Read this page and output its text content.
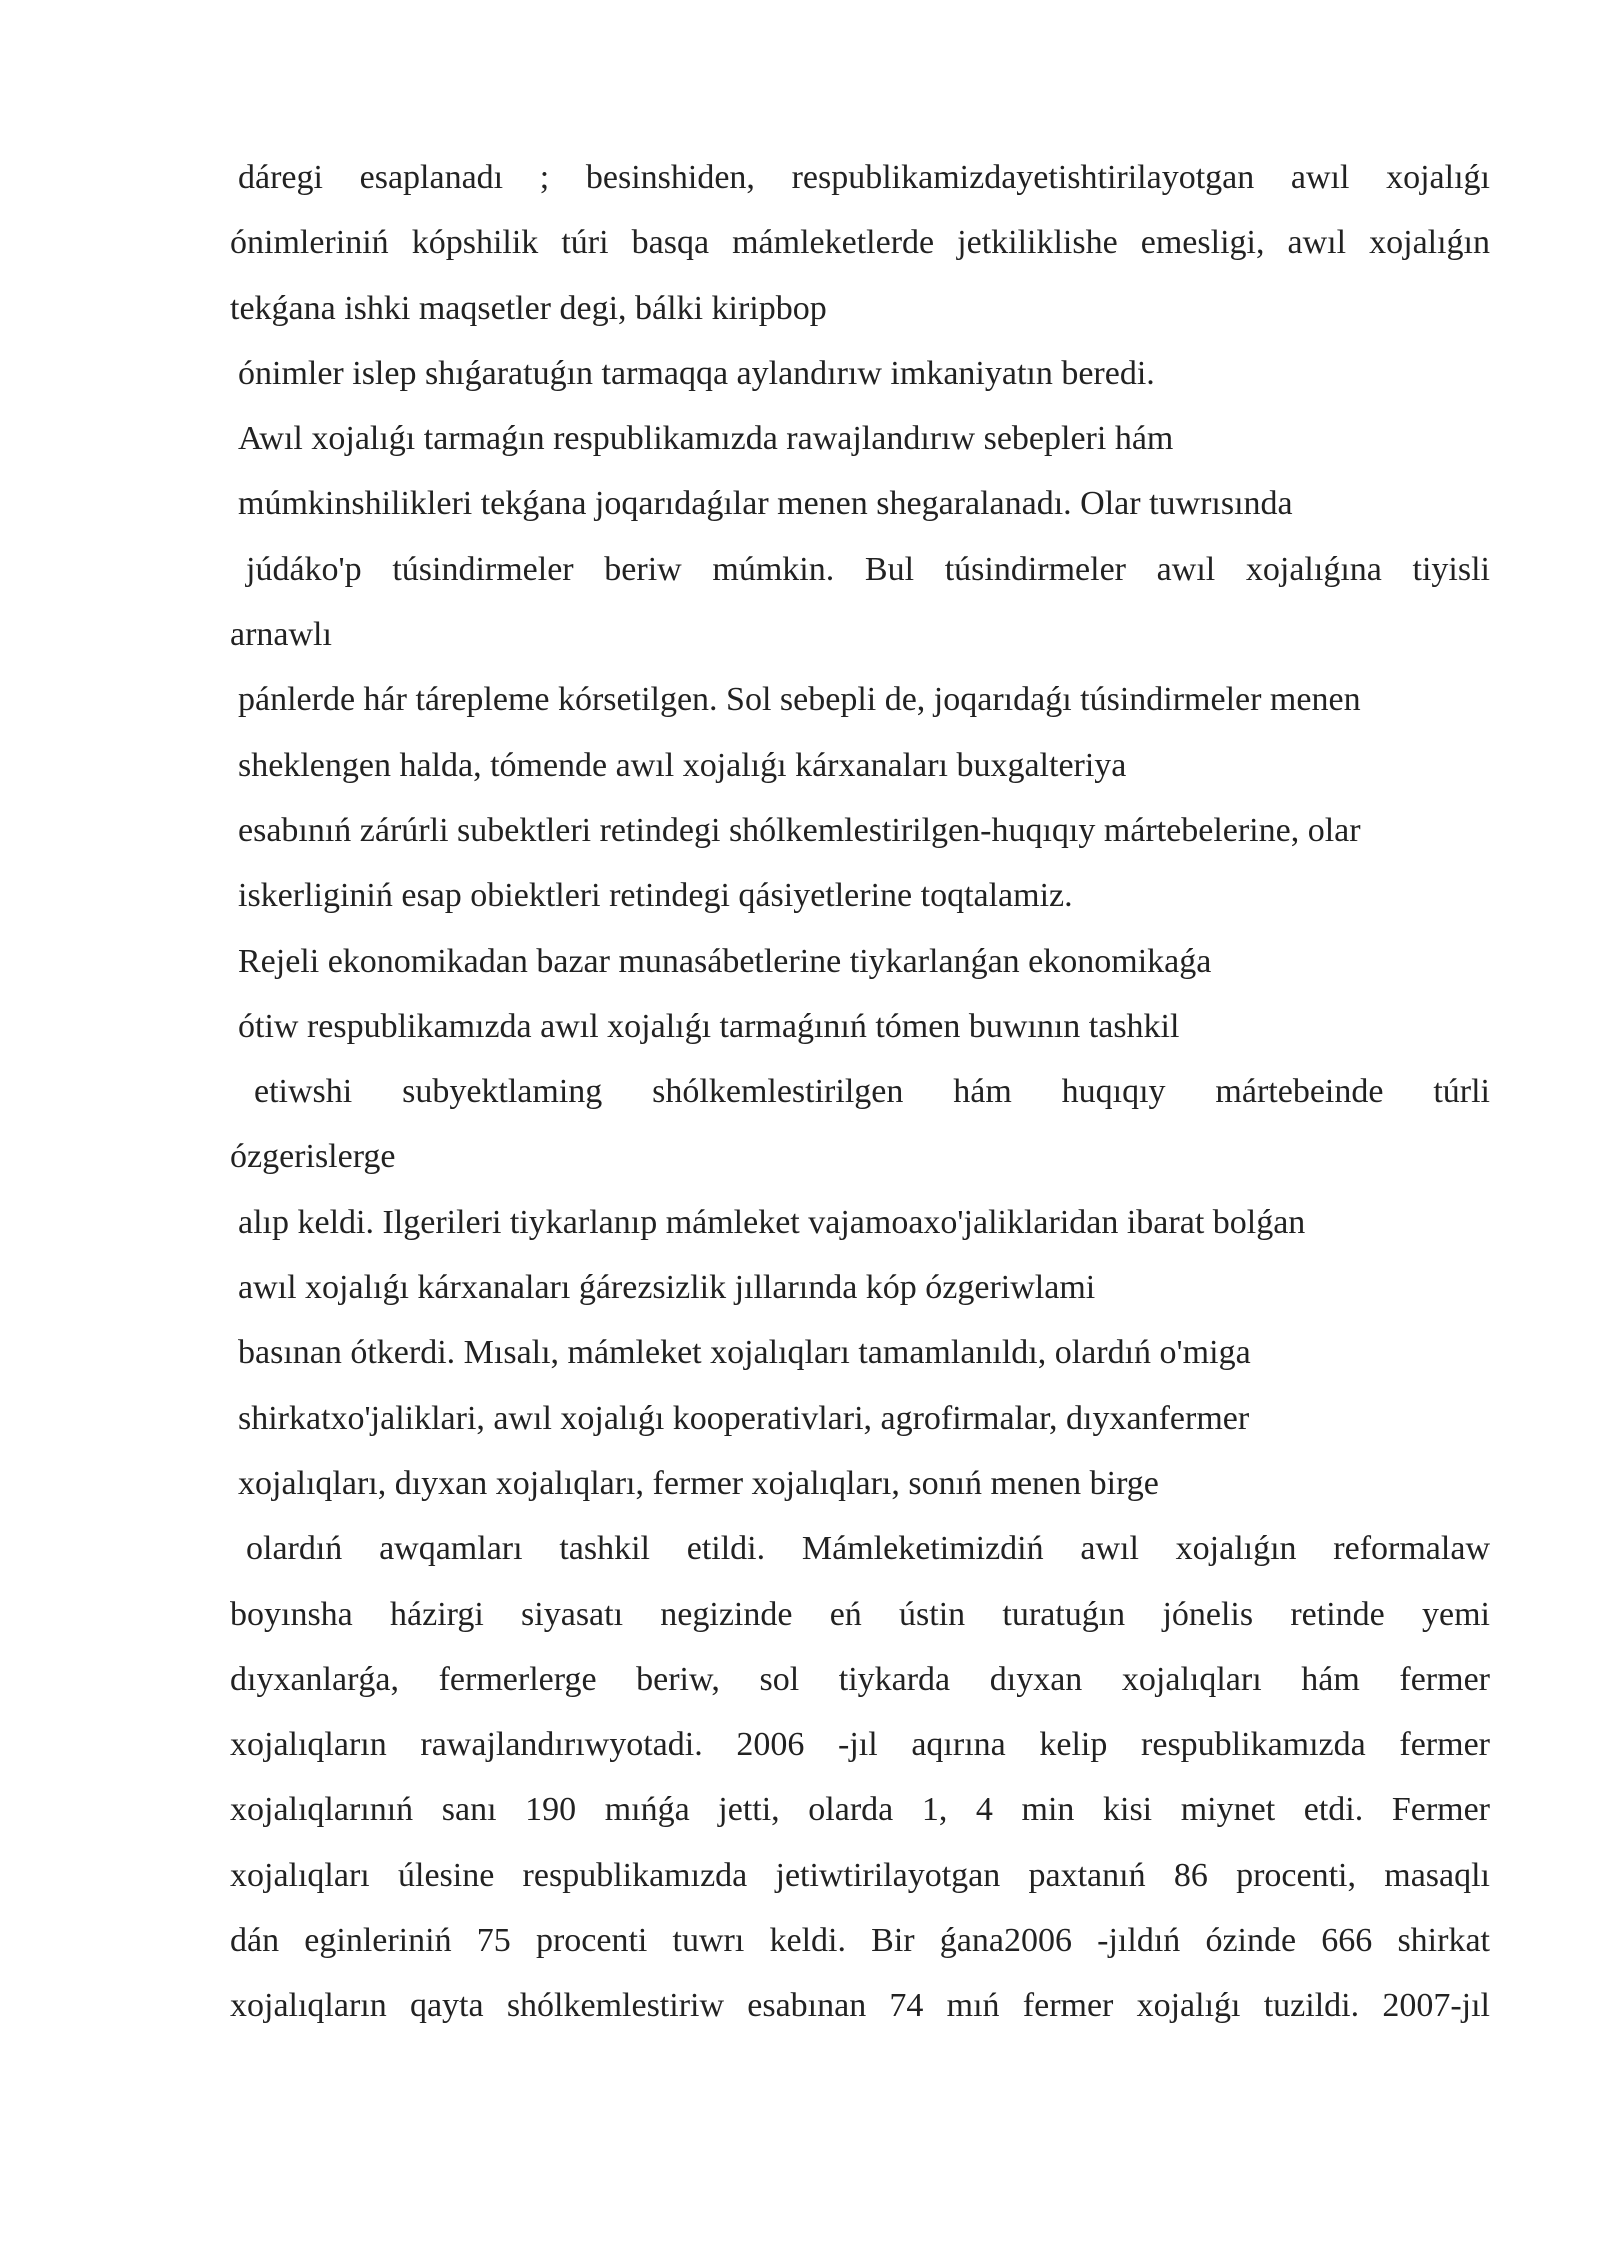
dáregi esaplanadı ; besinshiden, respublikamizdayetishtirilayotgan awıl xojalıǵı
ónimleriniń kópshilik túri basqa mámleketlerde jetkiliklishe emesligi, awıl xojalıǵın
tekǵana ishki maqsetler degi, bálki kiripbop
ónimler islep shıǵaratuǵın tarmaqqa aylandırıw imkaniyatın beredi.
Awıl xojalıǵı tarmaǵın respublikamızda rawajlandırıw sebepleri hám
múmkinshilikleri tekǵana joqarıdaǵılar menen shegaralanadı. Olar tuwrısında
júdáko'p túsindirmeler beriw múmkin. Bul túsindirmeler awıl xojalıǵına tiyisli
arnawlı
pánlerde hár tárepleme kórsetilgen. Sol sebepli de, joqarıdaǵı túsindirmeler menen
sheklengen halda, tómende awıl xojalıǵı kárxanaları buxgalteriya
esabınıń zárúrli subektleri retindegi shólkemlestirilgen-huqıqıy mártebelerine, olar
iskerliginiń esap obiektleri retindegi qásiyetlerine toqtalamiz.
Rejeli ekonomikadan bazar munasábetlerine tiykarlanǵan ekonomikaǵa
ótiw respublikamızda awıl xojalıǵı tarmaǵınıń tómen buwının tashkil
etiwshi subyektlaming shólkemlestirilgen hám huqıqıy mártebeinde túrli
ózgerislerge
alıp keldi. Ilgerileri tiykarlanıp mámleket vajamoaxo'jaliklaridan ibarat bolǵan
awıl xojalıǵı kárxanaları ǵárezsizlik jıllarında kóp ózgeriwlami
basınan ótkerdi. Mısalı, mámleket xojalıqları tamamlanıldı, olardıń o'miga
shirkatxo'jaliklari, awıl xojalıǵı kooperativlari, agrofirmalar, dıyxanfermer
xojalıqları, dıyxan xojalıqları, fermer xojalıqları, sonıń menen birge
olardıń awqamları tashkil etildi. Mámleketimizdiń awıl xojalıǵın reformalaw
boyınsha házirgi siyasatı negizinde eń ústin turatuǵın jónelis retinde yemi
dıyxanlarǵa, fermerlerge beriw, sol tiykarda dıyxan xojalıqları hám fermer
xojalıqların rawajlandırıwyotadi. 2006 -jıl aqırına kelip respublikamızda fermer
xojalıqlarınıń sanı 190 mıńǵa jetti, olarda 1, 4 min kisi miynet etdi. Fermer
xojalıqları úlesine respublikamızda jetiwtirilayotgan paxtanıń 86 procenti, masaqlı
dán eginleriniń 75 procenti tuwrı keldi. Bir ǵana2006 -jıldıń ózinde 666 shirkat
xojalıqların qayta shólkemlestiriw esabınan 74 mıń fermer xojalıǵı tuzildi. 2007-jıl
